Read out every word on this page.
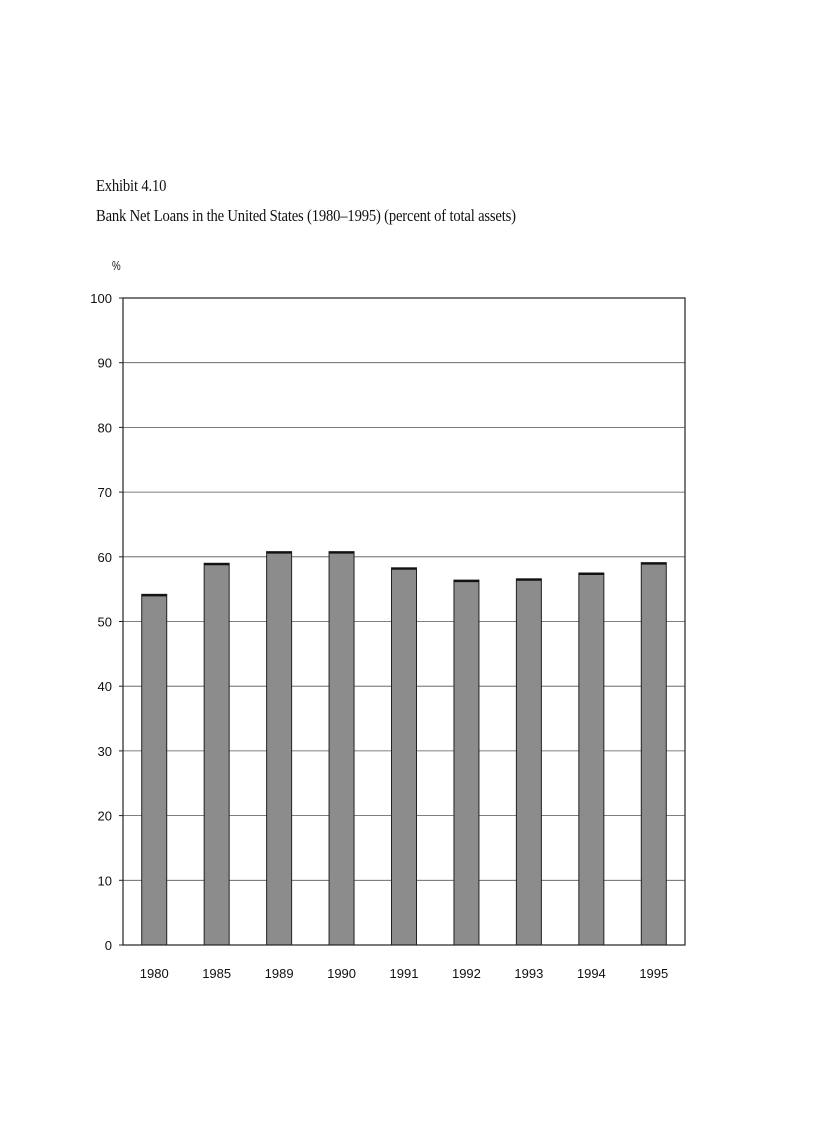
Exhibit 4.10
Bank Net Loans in the United States (1980–1995) (percent of total assets)
%
0
10
20
30
40
50
60
70
80
90
100
1980	1985	1989	1990	1991	1992	1993	1994	1995
